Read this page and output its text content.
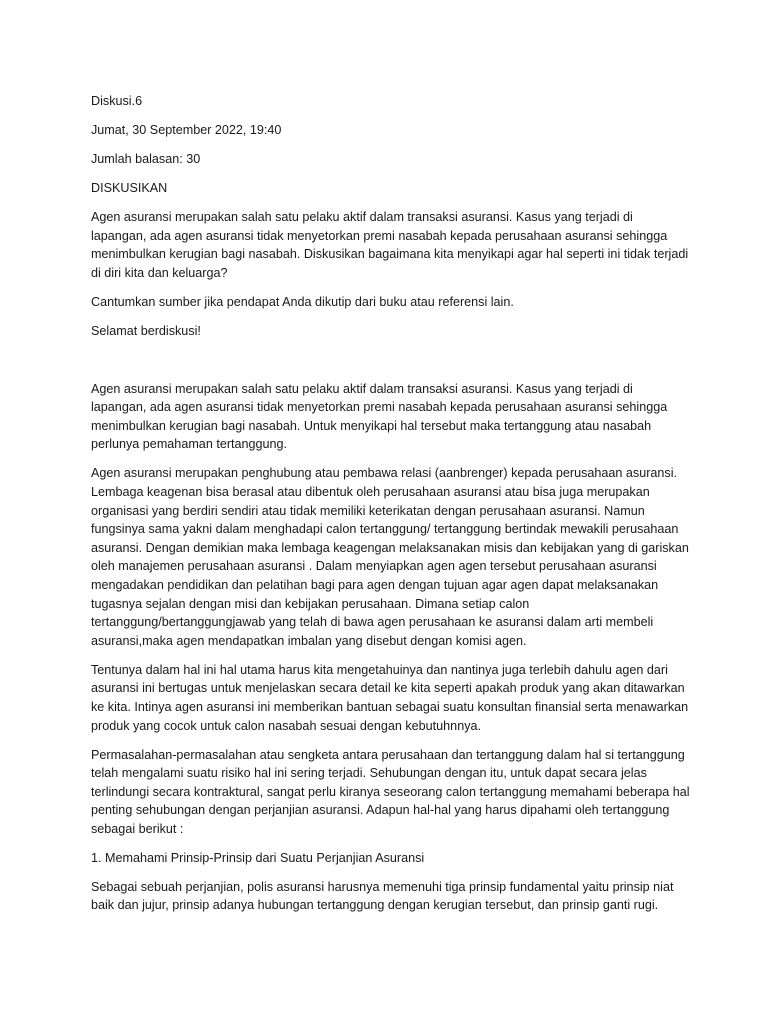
Diskusi.6

Jumat, 30 September 2022, 19:40

Jumlah balasan: 30

DISKUSIKAN

Agen asuransi merupakan salah satu pelaku aktif dalam transaksi asuransi. Kasus yang terjadi di lapangan, ada agen asuransi tidak menyetorkan premi nasabah kepada perusahaan asuransi sehingga menimbulkan kerugian bagi nasabah. Diskusikan bagaimana kita menyikapi agar hal seperti ini tidak terjadi di diri kita dan keluarga?

Cantumkan sumber jika pendapat Anda dikutip dari buku atau referensi lain.

Selamat berdiskusi!

Agen asuransi merupakan salah satu pelaku aktif dalam transaksi asuransi. Kasus yang terjadi di lapangan, ada agen asuransi tidak menyetorkan premi nasabah kepada perusahaan asuransi sehingga menimbulkan kerugian bagi nasabah. Untuk menyikapi hal tersebut maka tertanggung atau nasabah perlunya pemahaman tertanggung.

Agen asuransi merupakan penghubung atau pembawa relasi (aanbrenger) kepada perusahaan asuransi. Lembaga keagenan bisa berasal atau dibentuk oleh perusahaan asuransi atau bisa juga merupakan organisasi yang berdiri sendiri atau tidak memiliki keterikatan dengan perusahaan asuransi. Namun fungsinya sama yakni dalam menghadapi calon tertanggung/ tertanggung bertindak mewakili perusahaan asuransi. Dengan demikian maka lembaga keagengan melaksanakan misis dan kebijakan yang di gariskan oleh manajemen perusahaan asuransi . Dalam menyiapkan agen agen tersebut perusahaan asuransi mengadakan pendidikan dan pelatihan bagi para agen dengan tujuan agar agen dapat melaksanakan tugasnya sejalan dengan misi dan kebijakan perusahaan. Dimana setiap calon tertanggung/bertanggungjawab yang telah di bawa agen perusahaan ke asuransi dalam arti membeli asuransi,maka agen mendapatkan imbalan yang disebut dengan komisi agen.

Tentunya dalam hal ini hal utama harus kita mengetahuinya dan nantinya juga terlebih dahulu agen dari asuransi ini bertugas untuk menjelaskan secara detail ke kita seperti apakah produk yang akan ditawarkan ke kita. Intinya agen asuransi ini memberikan bantuan sebagai suatu konsultan finansial serta menawarkan produk yang cocok untuk calon nasabah sesuai dengan kebutuhnnya.

Permasalahan-permasalahan atau sengketa antara perusahaan dan tertanggung dalam hal si tertanggung telah mengalami suatu risiko hal ini sering terjadi. Sehubungan dengan itu, untuk dapat secara jelas terlindungi secara kontraktural, sangat perlu kiranya seseorang calon tertanggung memahami beberapa hal penting sehubungan dengan perjanjian asuransi. Adapun hal-hal yang harus dipahami oleh tertanggung sebagai berikut :

1. Memahami Prinsip-Prinsip dari Suatu Perjanjian Asuransi

Sebagai sebuah perjanjian, polis asuransi harusnya memenuhi tiga prinsip fundamental yaitu prinsip niat baik dan jujur, prinsip adanya hubungan tertanggung dengan kerugian tersebut, dan prinsip ganti rugi.
